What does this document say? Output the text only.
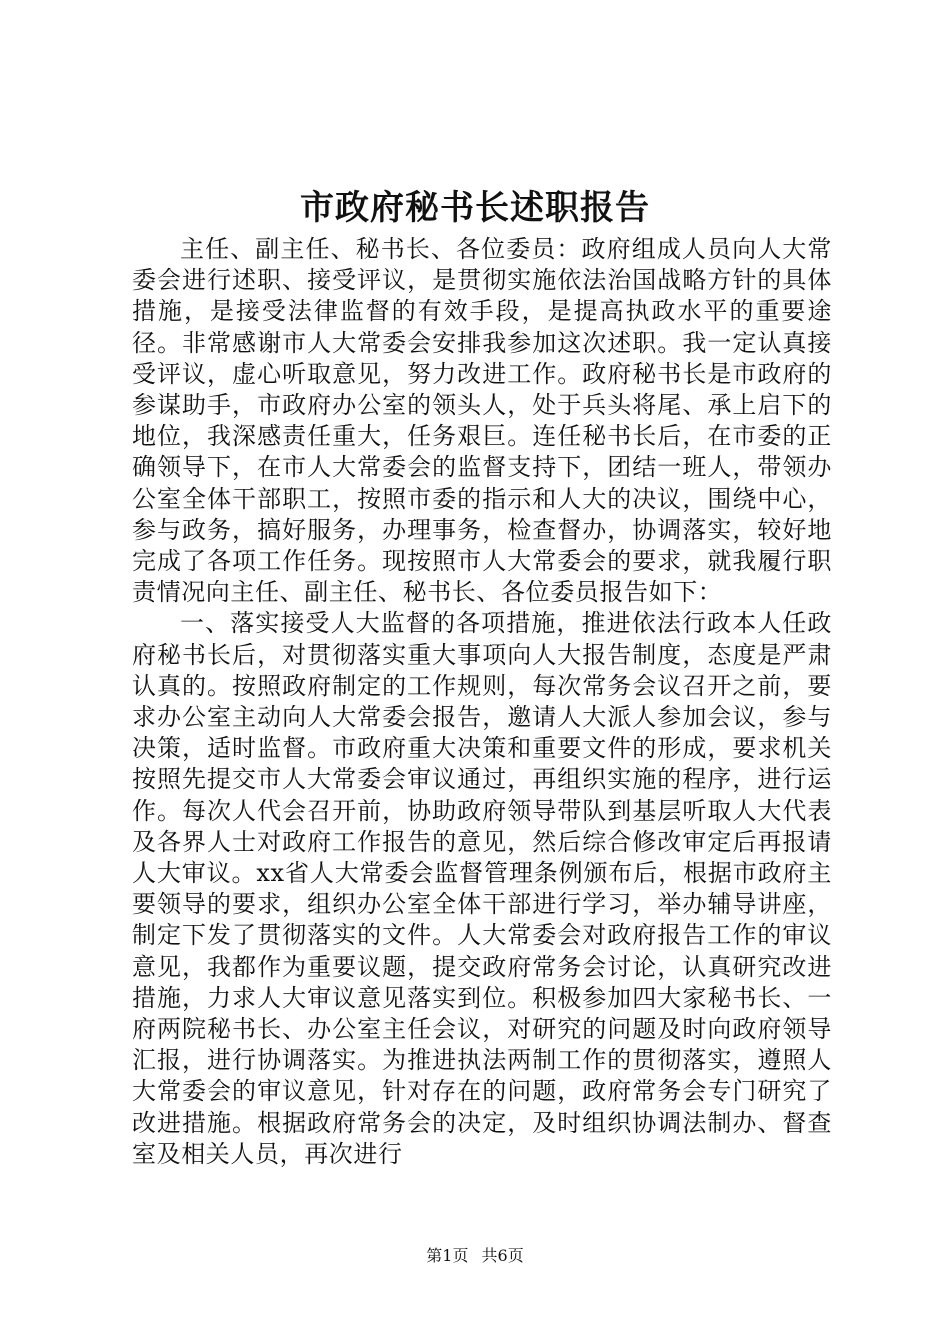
市政府秘书长述职报告

主任、副主任、秘书长、各位委员：政府组成人员向人大常委会进行述职、接受评议，是贯彻实施依法治国战略方针的具体措施，是接受法律监督的有效手段，是提高执政水平的重要途径。非常感谢市人大常委会安排我参加这次述职。我一定认真接受评议，虚心听取意见，努力改进工作。政府秘书长是市政府的参谋助手，市政府办公室的领头人，处于兵头将尾、承上启下的地位，我深感责任重大，任务艰巨。连任秘书长后，在市委的正确领导下，在市人大常委会的监督支持下，团结一班人，带领办公室全体干部职工，按照市委的指示和人大的决议，围绕中心，参与政务，搞好服务，办理事务，检查督办，协调落实，较好地完成了各项工作任务。现按照市人大常委会的要求，就我履行职责情况向主任、副主任、秘书长、各位委员报告如下：

一、落实接受人大监督的各项措施，推进依法行政本人任政府秘书长后，对贯彻落实重大事项向人大报告制度，态度是严肃认真的。按照政府制定的工作规则，每次常务会议召开之前，要求办公室主动向人大常委会报告，邀请人大派人参加会议，参与决策，适时监督。市政府重大决策和重要文件的形成，要求机关按照先提交市人大常委会审议通过，再组织实施的程序，进行运作。每次人代会召开前，协助政府领导带队到基层听取人大代表及各界人士对政府工作报告的意见，然后综合修改审定后再报请人大审议。xx省人大常委会监督管理条例颁布后，根据市政府主要领导的要求，组织办公室全体干部进行学习，举办辅导讲座，制定下发了贯彻落实的文件。人大常委会对政府报告工作的审议意见，我都作为重要议题，提交政府常务会讨论，认真研究改进措施，力求人大审议意见落实到位。积极参加四大家秘书长、一府两院秘书长、办公室主任会议，对研究的问题及时向政府领导汇报，进行协调落实。为推进执法两制工作的贯彻落实，遵照人大常委会的审议意见，针对存在的问题，政府常务会专门研究了改进措施。根据政府常务会的决定，及时组织协调法制办、督查室及相关人员，再次进行

第1页 共6页
